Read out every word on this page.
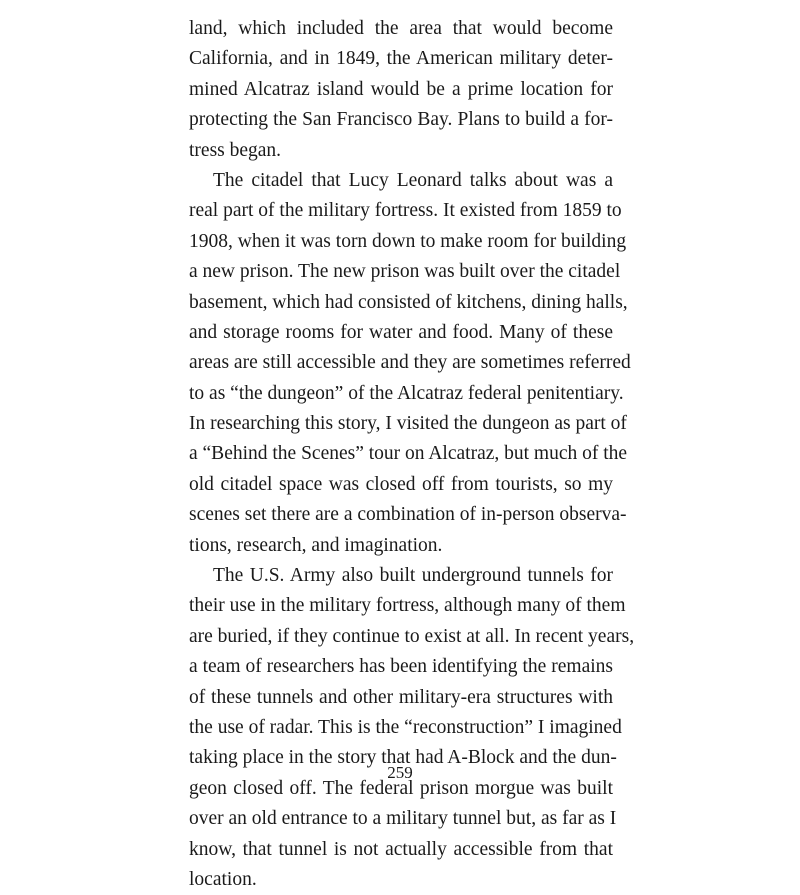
land, which included the area that would become
California, and in 1849, the American military deter-
mined Alcatraz island would be a prime location for
protecting the San Francisco Bay. Plans to build a for-
tress began.
The citadel that Lucy Leonard talks about was a
real part of the military fortress. It existed from 1859 to
1908, when it was torn down to make room for building
a new prison. The new prison was built over the citadel
basement, which had consisted of kitchens, dining halls,
and storage rooms for water and food. Many of these
areas are still accessible and they are sometimes referred
to as “the dungeon” of the Alcatraz federal penitentiary.
In researching this story, I visited the dungeon as part of
a “Behind the Scenes” tour on Alcatraz, but much of the
old citadel space was closed off from tourists, so my
scenes set there are a combination of in-person observa-
tions, research, and imagination.
The U.S. Army also built underground tunnels for
their use in the military fortress, although many of them
are buried, if they continue to exist at all. In recent years,
a team of researchers has been identifying the remains
of these tunnels and other military-era structures with
the use of radar. This is the “reconstruction” I imagined
taking place in the story that had A-Block and the dun-
geon closed off. The federal prison morgue was built
over an old entrance to a military tunnel but, as far as I
know, that tunnel is not actually accessible from that
location.
259
